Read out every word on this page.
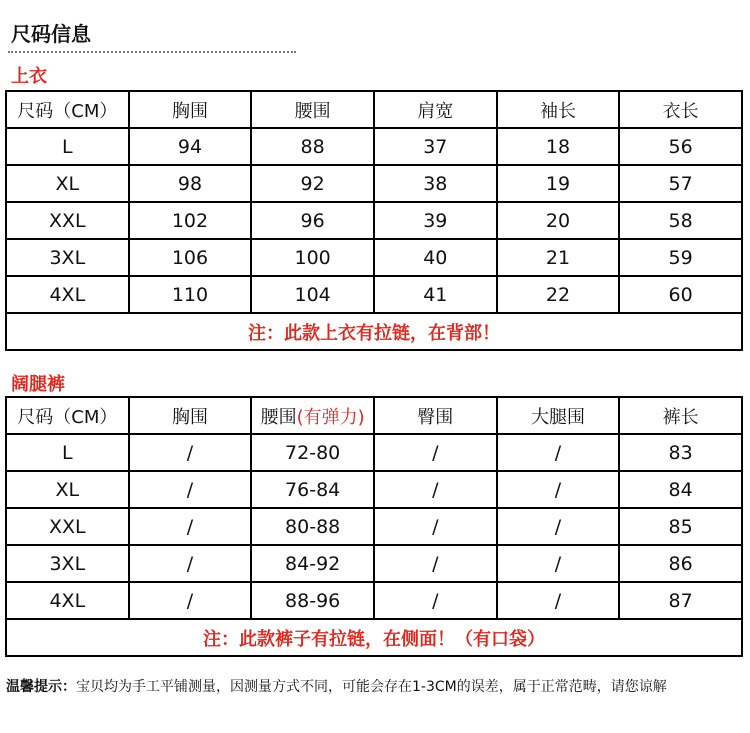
尺码信息
上衣
尺码（CM）	胸围	腰围	肩宽	袖长	衣长
L	94	88	37	18	56
XL	98	92	38	19	57
XXL	102	96	39	20	58
3XL	106	100	40	21	59
4XL	110	104	41	22	60
注：此款上衣有拉链，在背部！					
阔腿裤
尺码（CM）	胸围	腰围(有弹力)	臀围	大腿围	裤长
L	/	72-80	/	/	83
XL	/	76-84	/	/	84
XXL	/	80-88	/	/	85
3XL	/	84-92	/	/	86
4XL	/	88-96	/	/	87
注：此款裤子有拉链，在侧面！（有口袋）					
温馨提示：宝贝均为手工平铺测量，因测量方式不同，可能会存在1-3CM的误差，属于正常范畴，请您谅解
